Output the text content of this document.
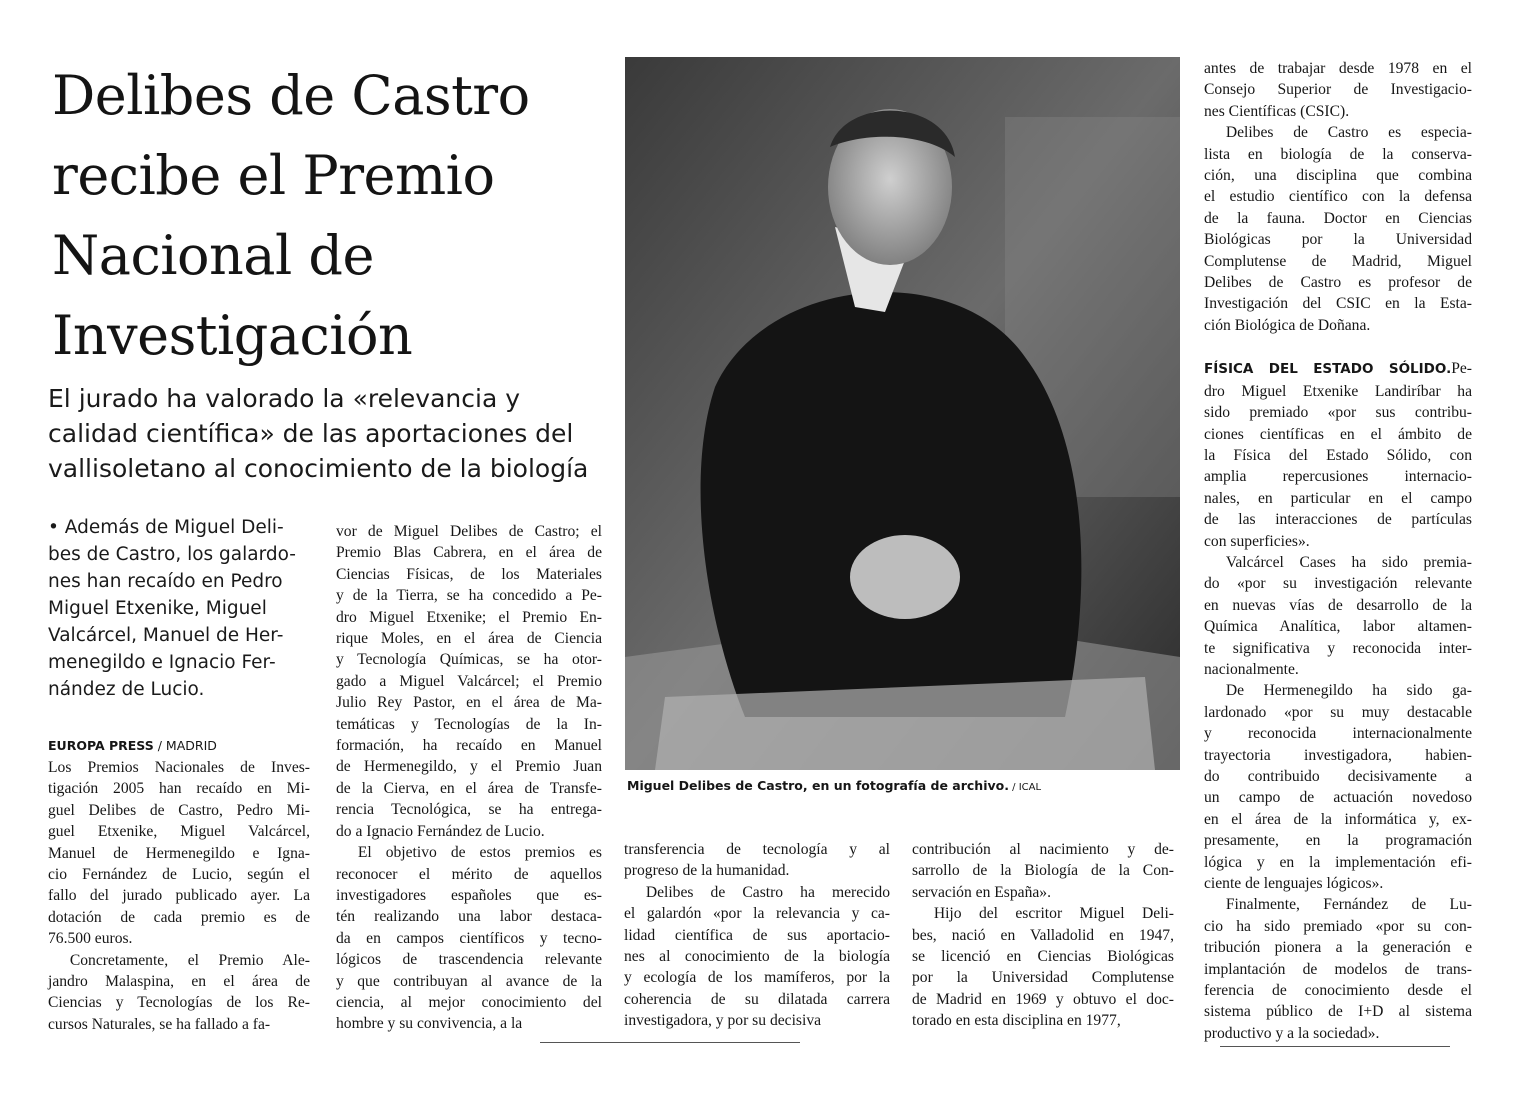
Delibes de Castro
recibe el Premio
Nacional de
Investigación
El jurado ha valorado la «relevancia y
calidad científica» de las aportaciones del
vallisoletano al conocimiento de la biología
• Además de Miguel Deli-
bes de Castro, los galardo-
nes han recaído en Pedro
Miguel Etxenike, Miguel
Valcárcel, Manuel de Her-
menegildo e Ignacio Fer-
nández de Lucio.
EUROPA PRESS / MADRID
Los Premios Nacionales de Inves-
tigación 2005 han recaído en Mi-
guel Delibes de Castro, Pedro Mi-
guel Etxenike, Miguel Valcárcel,
Manuel de Hermenegildo e Igna-
cio Fernández de Lucio, según el
fallo del jurado publicado ayer. La
dotación de cada premio es de
76.500 euros.
Concretamente, el Premio Ale-
jandro Malaspina, en el área de
Ciencias y Tecnologías de los Re-
cursos Naturales, se ha fallado a fa-
vor de Miguel Delibes de Castro; el
Premio Blas Cabrera, en el área de
Ciencias Físicas, de los Materiales
y de la Tierra, se ha concedido a Pe-
dro Miguel Etxenike; el Premio En-
rique Moles, en el área de Ciencia
y Tecnología Químicas, se ha otor-
gado a Miguel Valcárcel; el Premio
Julio Rey Pastor, en el área de Ma-
temáticas y Tecnologías de la In-
formación, ha recaído en Manuel
de Hermenegildo, y el Premio Juan
de la Cierva, en el área de Transfe-
rencia Tecnológica, se ha entrega-
do a Ignacio Fernández de Lucio.
El objetivo de estos premios es
reconocer el mérito de aquellos
investigadores españoles que es-
tén realizando una labor destaca-
da en campos científicos y tecno-
lógicos de trascendencia relevante
y que contribuyan al avance de la
ciencia, al mejor conocimiento del
hombre y su convivencia, a la
Miguel Delibes de Castro, en un fotografía de archivo. / ICAL
transferencia de tecnología y al
progreso de la humanidad.
Delibes de Castro ha merecido
el galardón «por la relevancia y ca-
lidad científica de sus aportacio-
nes al conocimiento de la biología
y ecología de los mamíferos, por la
coherencia de su dilatada carrera
investigadora, y por su decisiva
contribución al nacimiento y de-
sarrollo de la Biología de la Con-
servación en España».
Hijo del escritor Miguel Deli-
bes, nació en Valladolid en 1947,
se licenció en Ciencias Biológicas
por la Universidad Complutense
de Madrid en 1969 y obtuvo el doc-
torado en esta disciplina en 1977,
antes de trabajar desde 1978 en el
Consejo Superior de Investigacio-
nes Científicas (CSIC).
Delibes de Castro es especia-
lista en biología de la conserva-
ción, una disciplina que combina
el estudio científico con la defensa
de la fauna. Doctor en Ciencias
Biológicas por la Universidad
Complutense de Madrid, Miguel
Delibes de Castro es profesor de
Investigación del CSIC en la Esta-
ción Biológica de Doñana.
FÍSICA DEL ESTADO SÓLIDO.Pe-
dro Miguel Etxenike Landiríbar ha
sido premiado «por sus contribu-
ciones científicas en el ámbito de
la Física del Estado Sólido, con
amplia repercusiones internacio-
nales, en particular en el campo
de las interacciones de partículas
con superficies».
Valcárcel Cases ha sido premia-
do «por su investigación relevante
en nuevas vías de desarrollo de la
Química Analítica, labor altamen-
te significativa y reconocida inter-
nacionalmente.
De Hermenegildo ha sido ga-
lardonado «por su muy destacable
y reconocida internacionalmente
trayectoria investigadora, habien-
do contribuido decisivamente a
un campo de actuación novedoso
en el área de la informática y, ex-
presamente, en la programación
lógica y en la implementación efi-
ciente de lenguajes lógicos».
Finalmente, Fernández de Lu-
cio ha sido premiado «por su con-
tribución pionera a la generación e
implantación de modelos de trans-
ferencia de conocimiento desde el
sistema público de I+D al sistema
productivo y a la sociedad».
